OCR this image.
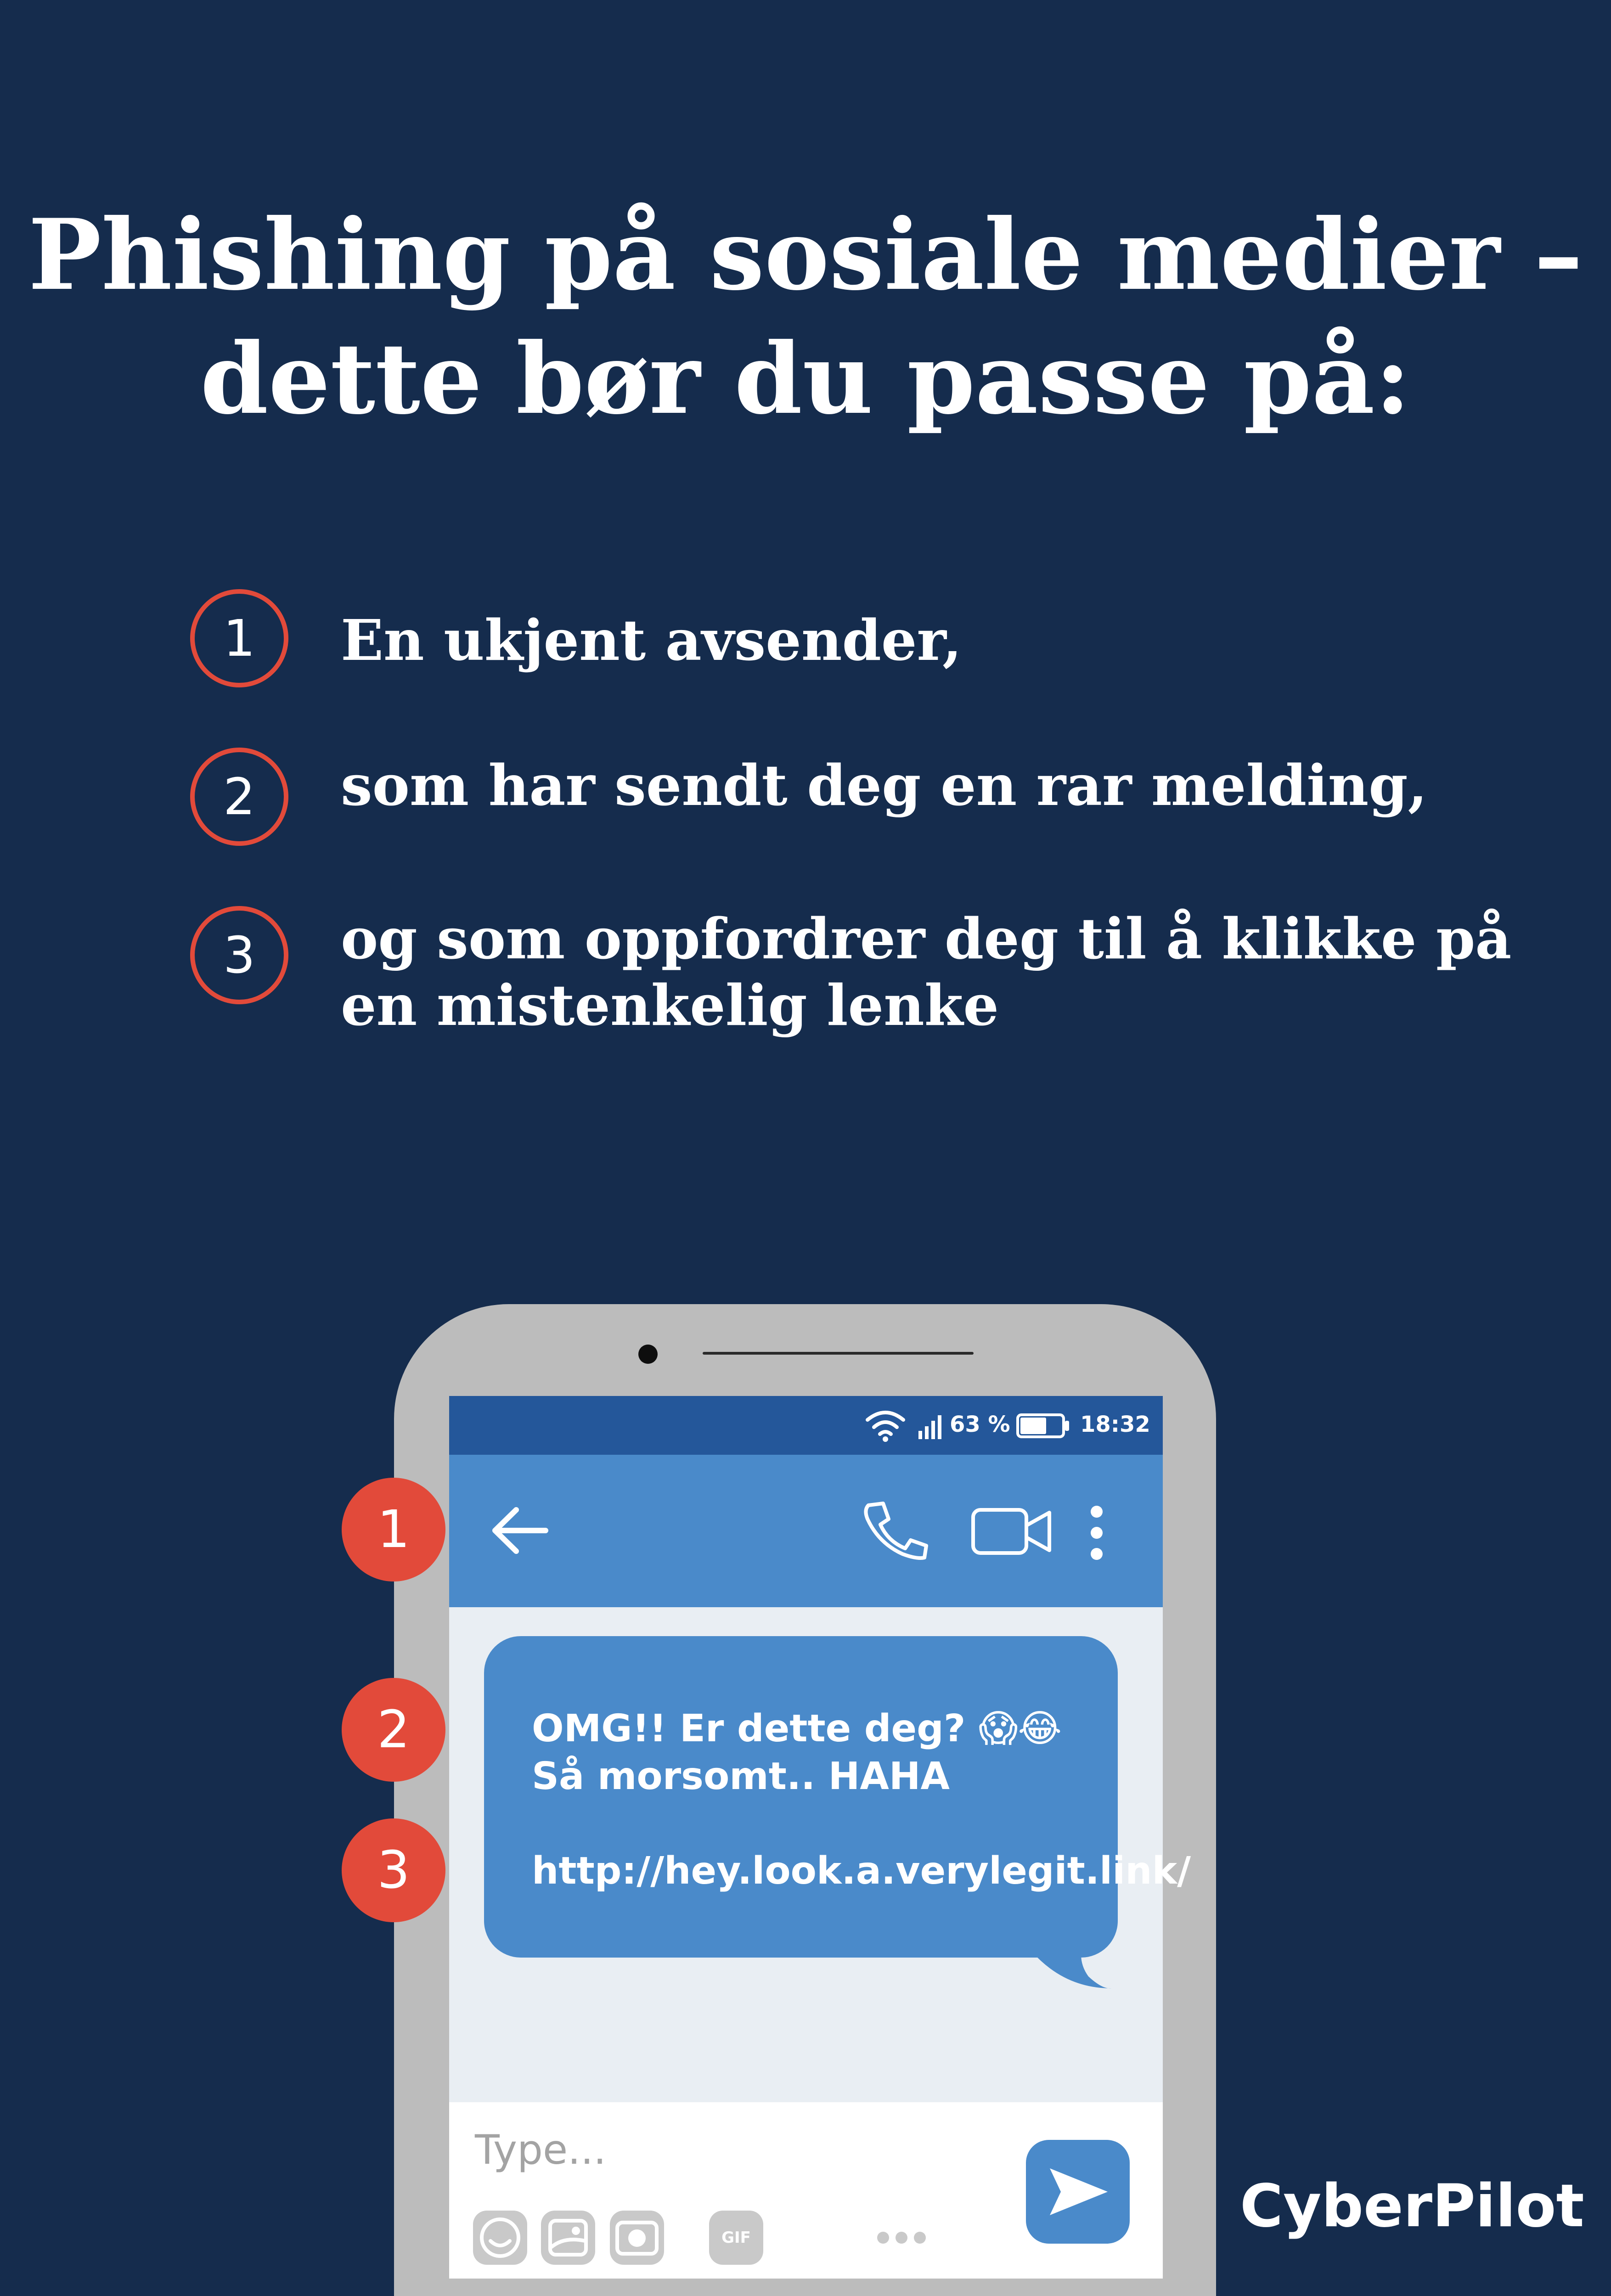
Phishing på sosiale medier –
dette bør du passe på:
1	En ukjent avsender,
2	som har sendt deg en rar melding,
3	og som oppfordrer deg til å klikke på
en mistenkelig lenke
63 %	18:32
OMG!! Er dette deg? 😱😂
Så morsomt.. HAHA
http://hey.look.a.verylegit.link/
Type...
GIF
1
2
3
CyberPilot
